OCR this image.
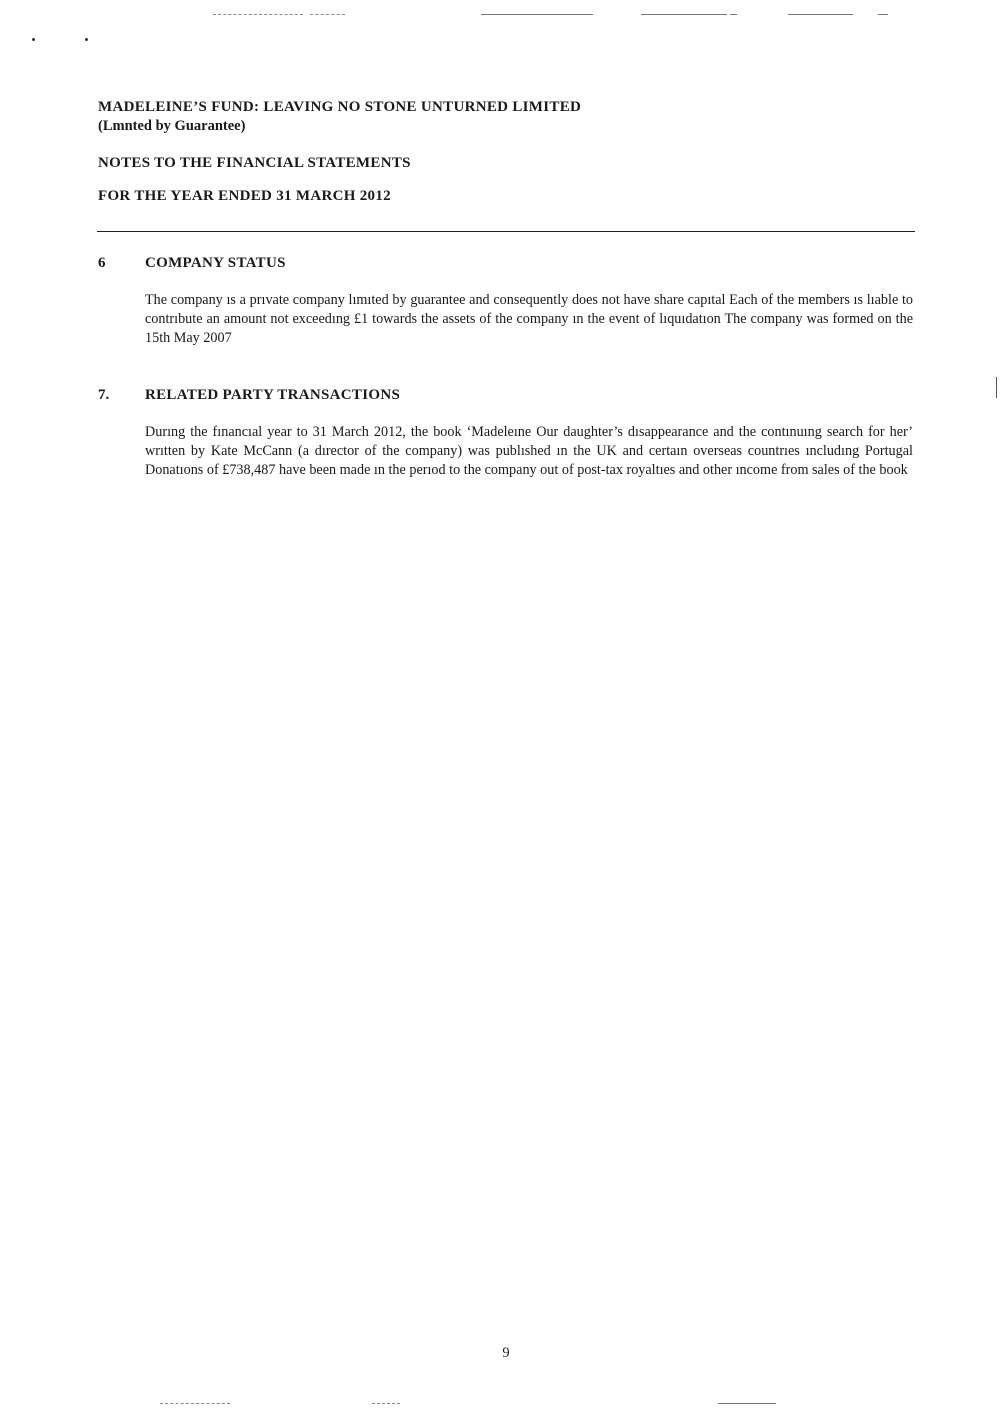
MADELEINE’S FUND: LEAVING NO STONE UNTURNED LIMITED
(Lmnted by Guarantee)
NOTES TO THE FINANCIAL STATEMENTS
FOR THE YEAR ENDED 31 MARCH 2012
6	COMPANY STATUS
The company ıs a prıvate company lımıted by guarantee and consequently does not have share capıtal Each of the members ıs lıable to contrıbute an amount not exceedıng £1 towards the assets of the company ın the event of lıquıdatıon The company was formed on the 15th May 2007
7. RELATED PARTY TRANSACTIONS
Durıng the fınancıal year to 31 March 2012, the book ‘Madeleıne Our daughter’s dısappearance and the contınuıng search for her’ wrıtten by Kate McCann (a dırector of the company) was publıshed ın the UK and certaın overseas countrıes ıncludıng Portugal Donatıons of £738,487 have been made ın the perıod to the company out of post-tax royaltıes and other ıncome from sales of the book
9
